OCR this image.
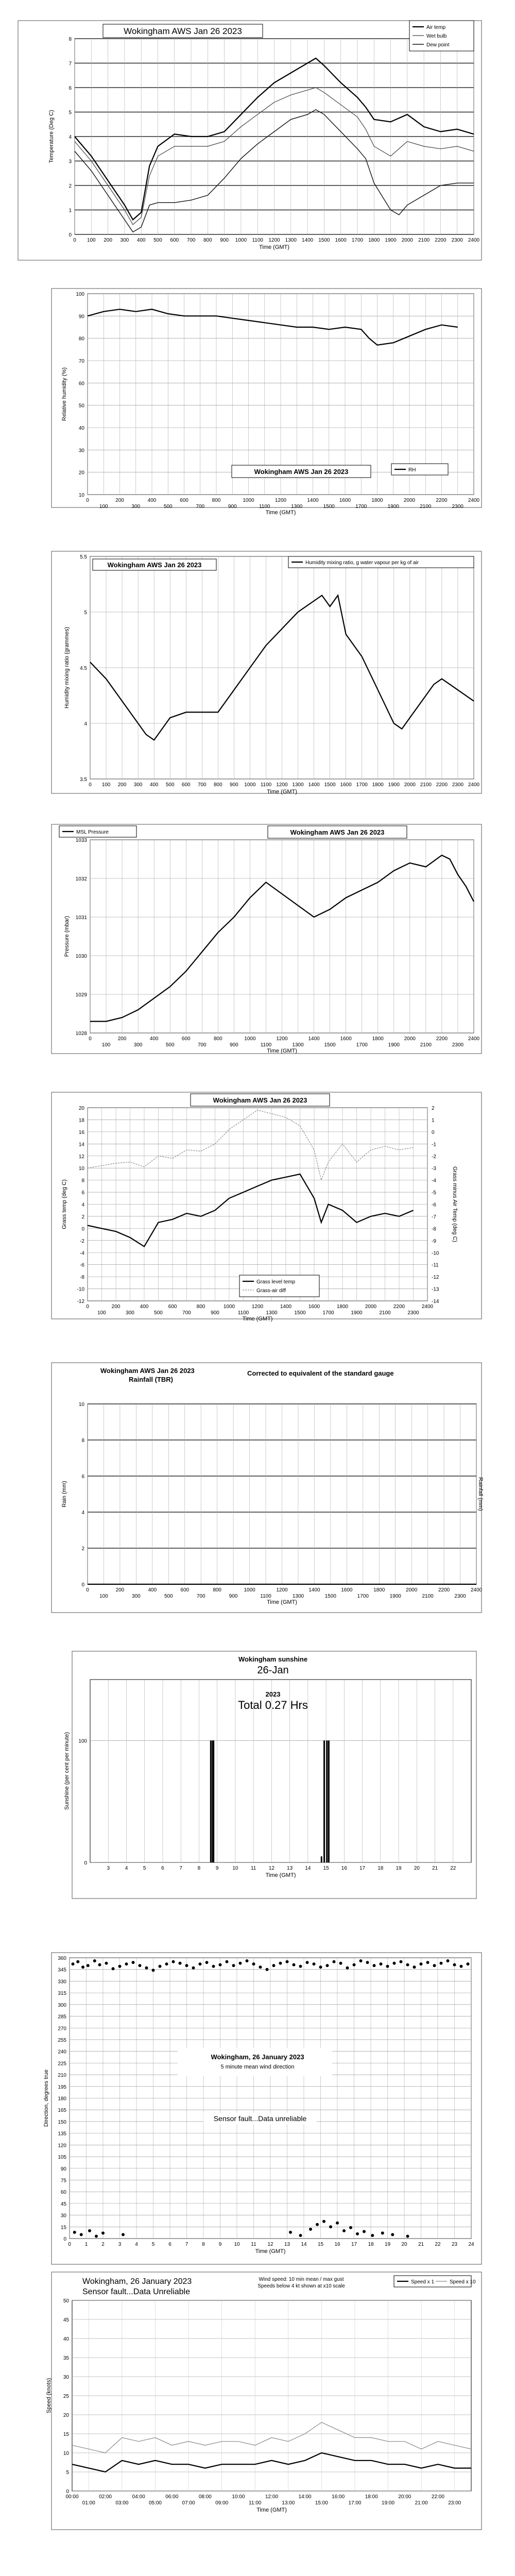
0
1
2
3
4
5
6
7
8
0 100 200 300 400 500 600 700 800 900 1000 1100 1200 1300 1400 1500 1600 1700 1800 1900 2000 2100 2200 2300 2400
Time (GMT)
Temperature (Deg C)
Wokingham AWS Jan 26 2023	Air temp
Wet bulb
Dew point
10
20
30
40
50
60
70
80
90
100
0
100
200
300
400
500
600
700
800
900
1000
1100
1200
1300
1400
1500
1600
1700
1800
1900
2000
2100
2200
2300
2400
Time (GMT)
Relative humidity (%)
Wokingham AWS Jan 26 2023	RH
3.5
4
4.5
5
5.5
0 100 200 300 400 500 600 700 800 900 1000 1100 1200 1300 1400 1500 1600 1700 1800 1900 2000 2100 2200 2300 2400
Time (GMT)
Humidity mixing ratio (grammes)
Wokingham AWS Jan 26 2023	Humidity mixing ratio, g water vapour per kg of air
1028
1029
1030
1031
1032
1033
0
100
200
300
400
500
600
700
800
900
1000
1100
1200
1300
1400
1500
1600
1700
1800
1900
2000
2100
2200
2300
2400
Time (GMT)
Pressure (mbar)
Wokingham AWS Jan 26 2023
MSL Pressure
-12
-10
-8
-6
-4
-2
0
2
4
6
8
10
12
14
16
18
20
0
100
200
300
400
500
600
700
800
900
1000
1100
1200
1300
1400
1500
1600
1700
1800
1900
2000
2100
2200
2300
2400
-14
-13
-12
-11
-10
-9
-8
-7
-6
-5
-4
-3
-2
-1
0
1
2
Time (GMT)
Grass temp (deg C)	Grass minus Air Temp (deg C)
Wokingham AWS Jan 26 2023
Grass level temp
Grass-air diff
0
2
4
6
8
10
0
100
200
300
400
500
600
700
800
900
1000
1100
1200
1300
1400
1500
1600
1700
1800
1900
2000
2100
2200
2300
2400
Time (GMT)
Rain (mm)	Rainfall (mm)
Wokingham AWS Jan 26 2023
Rainfall (TBR)
Corrected to equivalent of the standard gauge
0
100
3	4	5	6	7	8	9	10 11 12 13 14 15 16 17 18 19 20 21 22
Time (GMT)
Sunshine (per cent per minute)
Wokingham sunshine
26-Jan
2023
Total 0.27 Hrs
0
15
30
45
60
75
90
105
120
135
150
165
180
195
210
225
240
255
270
285
300
315
330
345
360
0	1	2	3	4	5	6	7	8	9 10 11 12 13 14 15 16 17 18 19 20 21 22 23 24
Time (GMT)
Direction, degrees true
Wokingham, 26 January 2023
5 minute mean wind direction
Sensor fault...Data unreliable
0
5
10
15
20
25
30
35
40
45
50
00:00	02:00	04:00	06:00	08:00	10:00	12:00	14:00	16:00	18:00	20:00	22:00
01:00	03:00	05:00	07:00	09:00	11:00	13:00	15:00	17:00	19:00	21:00	23:00
Time (GMT)
Speed (knots)
Wokingham, 26 January 2023
Sensor fault...Data Unreliable
Wind speed: 10 min mean / max gust
Speeds below 4 kt shown at x10 scale
Speed x 1	Speed x 10
